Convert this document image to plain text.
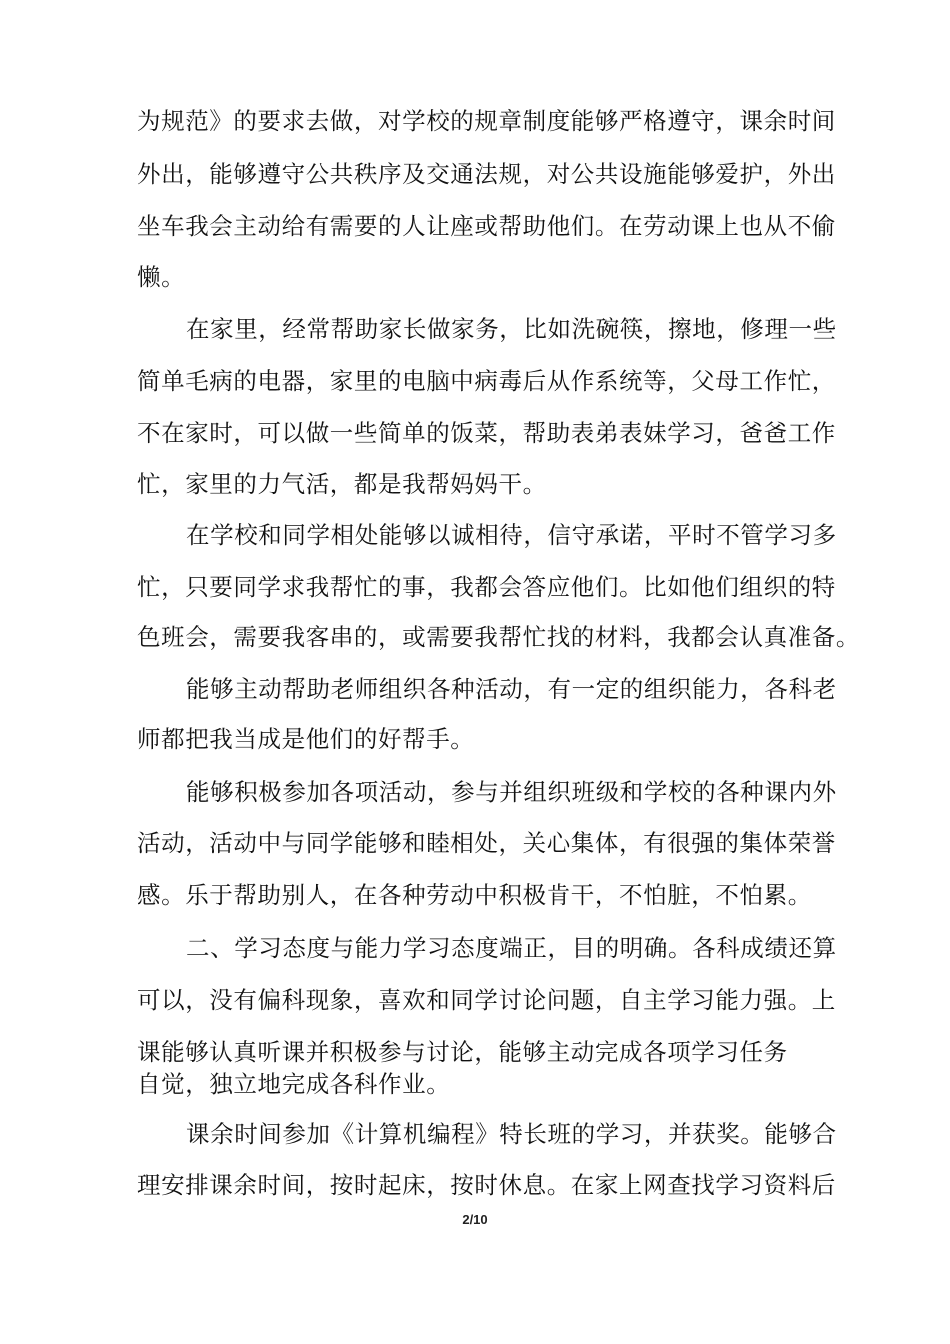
为规范》的要求去做，对学校的规章制度能够严格遵守，课余时间
外出，能够遵守公共秩序及交通法规，对公共设施能够爱护，外出
坐车我会主动给有需要的人让座或帮助他们。在劳动课上也从不偷
懒。
在家里，经常帮助家长做家务，比如洗碗筷，擦地，修理一些
简单毛病的电器，家里的电脑中病毒后从作系统等，父母工作忙，
不在家时，可以做一些简单的饭菜，帮助表弟表妹学习，爸爸工作
忙，家里的力气活，都是我帮妈妈干。
在学校和同学相处能够以诚相待，信守承诺，平时不管学习多
忙，只要同学求我帮忙的事，我都会答应他们。比如他们组织的特
色班会，需要我客串的，或需要我帮忙找的材料，我都会认真准备。
能够主动帮助老师组织各种活动，有一定的组织能力，各科老
师都把我当成是他们的好帮手。
能够积极参加各项活动，参与并组织班级和学校的各种课内外
活动，活动中与同学能够和睦相处，关心集体，有很强的集体荣誉
感。乐于帮助别人，在各种劳动中积极肯干，不怕脏，不怕累。
二、学习态度与能力学习态度端正，目的明确。各科成绩还算
可以，没有偏科现象，喜欢和同学讨论问题，自主学习能力强。上
课能够认真听课并积极参与讨论，能够主动完成各项学习任务
自觉，独立地完成各科作业。
课余时间参加《计算机编程》特长班的学习，并获奖。能够合
理安排课余时间，按时起床，按时休息。在家上网查找学习资料后
2/10
